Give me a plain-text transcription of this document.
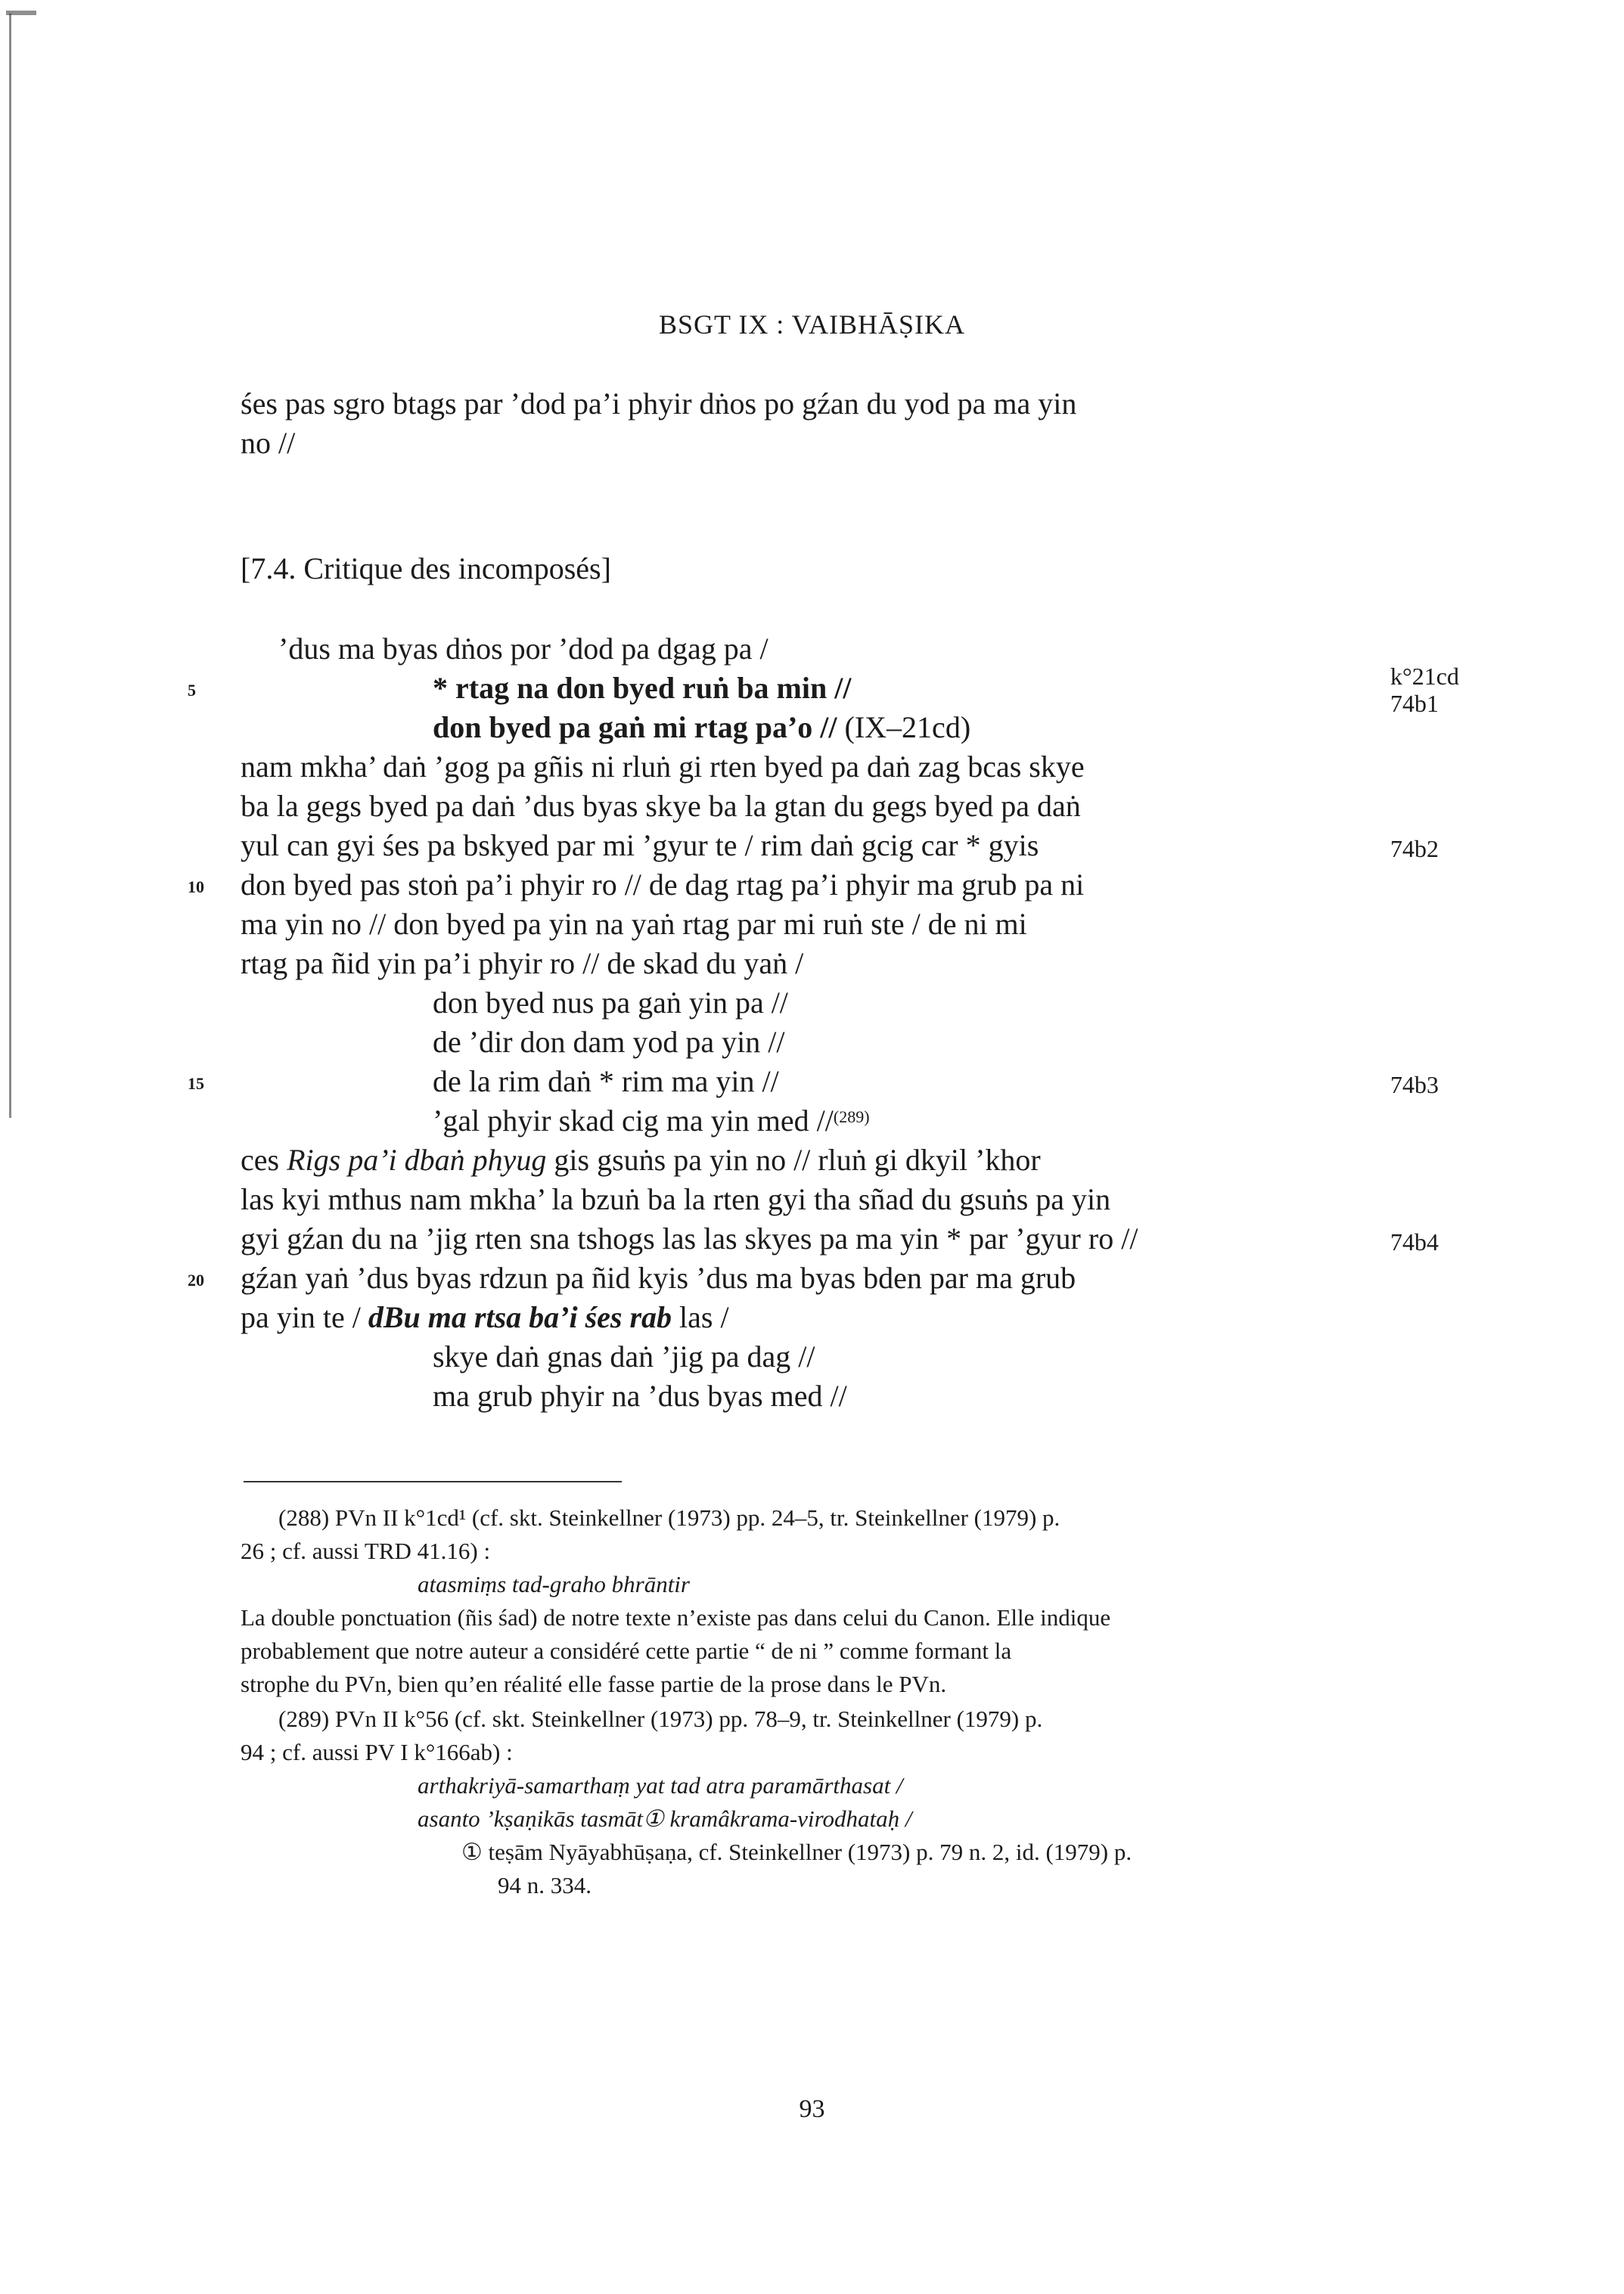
BSGT IX : VAIBHĀṢIKA
śes pas sgro btags par ’dod pa’i phyir dṅos po gźan du yod pa ma yin
no //
[7.4. Critique des incomposés]
’dus ma byas dṅos por ’dod pa dgag pa /
* rtag na don byed ruṅ ba min //
don byed pa gaṅ mi rtag pa’o // (IX–21cd)
nam mkha’ daṅ ’gog pa gñis ni rluṅ gi rten byed pa daṅ zag bcas skye
ba la gegs byed pa daṅ ’dus byas skye ba la gtan du gegs byed pa daṅ
yul can gyi śes pa bskyed par mi ’gyur te / rim daṅ gcig car * gyis
don byed pas stoṅ pa’i phyir ro // de dag rtag pa’i phyir ma grub pa ni
ma yin no // don byed pa yin na yaṅ rtag par mi ruṅ ste / de ni mi
rtag pa ñid yin pa’i phyir ro // de skad du yaṅ /
don byed nus pa gaṅ yin pa //
de ’dir don dam yod pa yin //
de la rim daṅ * rim ma yin //
’gal phyir skad cig ma yin med // (289)
ces Rigs pa’i dbaṅ phyug gis gsuṅs pa yin no // rluṅ gi dkyil ’khor
las kyi mthus nam mkha’ la bzuṅ ba la rten gyi tha sñad du gsuṅs pa yin
gyi gźan du na ’jig rten sna tshogs las las skyes pa ma yin * par ’gyur ro //
gźan yaṅ ’dus byas rdzun pa ñid kyis ’dus ma byas bden par ma grub
pa yin te / dBu ma rtsa ba’i śes rab las /
skye daṅ gnas daṅ ’jig pa dag //
ma grub phyir na ’dus byas med //
5
10
15
20
k°21cd
74b1
74b2
74b3
74b4
(288) PVn II k°1cd¹ (cf. skt. Steinkellner (1973) pp. 24–5, tr. Steinkellner (1979) p.
26 ; cf. aussi TRD 41.16) :
atasmiṃs tad-graho bhrāntir
La double ponctuation (ñis śad) de notre texte n’existe pas dans celui du Canon. Elle indique
probablement que notre auteur a considéré cette partie “ de ni ” comme formant la
strophe du PVn, bien qu’en réalité elle fasse partie de la prose dans le PVn.
(289) PVn II k°56 (cf. skt. Steinkellner (1973) pp. 78–9, tr. Steinkellner (1979) p.
94 ; cf. aussi PV I k°166ab) :
arthakriyā-samarthaṃ yat tad atra paramārthasat /
asanto ’kṣaṇikās tasmāt① kramâkrama-virodhataḥ /
① teṣām Nyāyabhūṣaṇa, cf. Steinkellner (1973) p. 79 n. 2, id. (1979) p.
94 n. 334.
93
